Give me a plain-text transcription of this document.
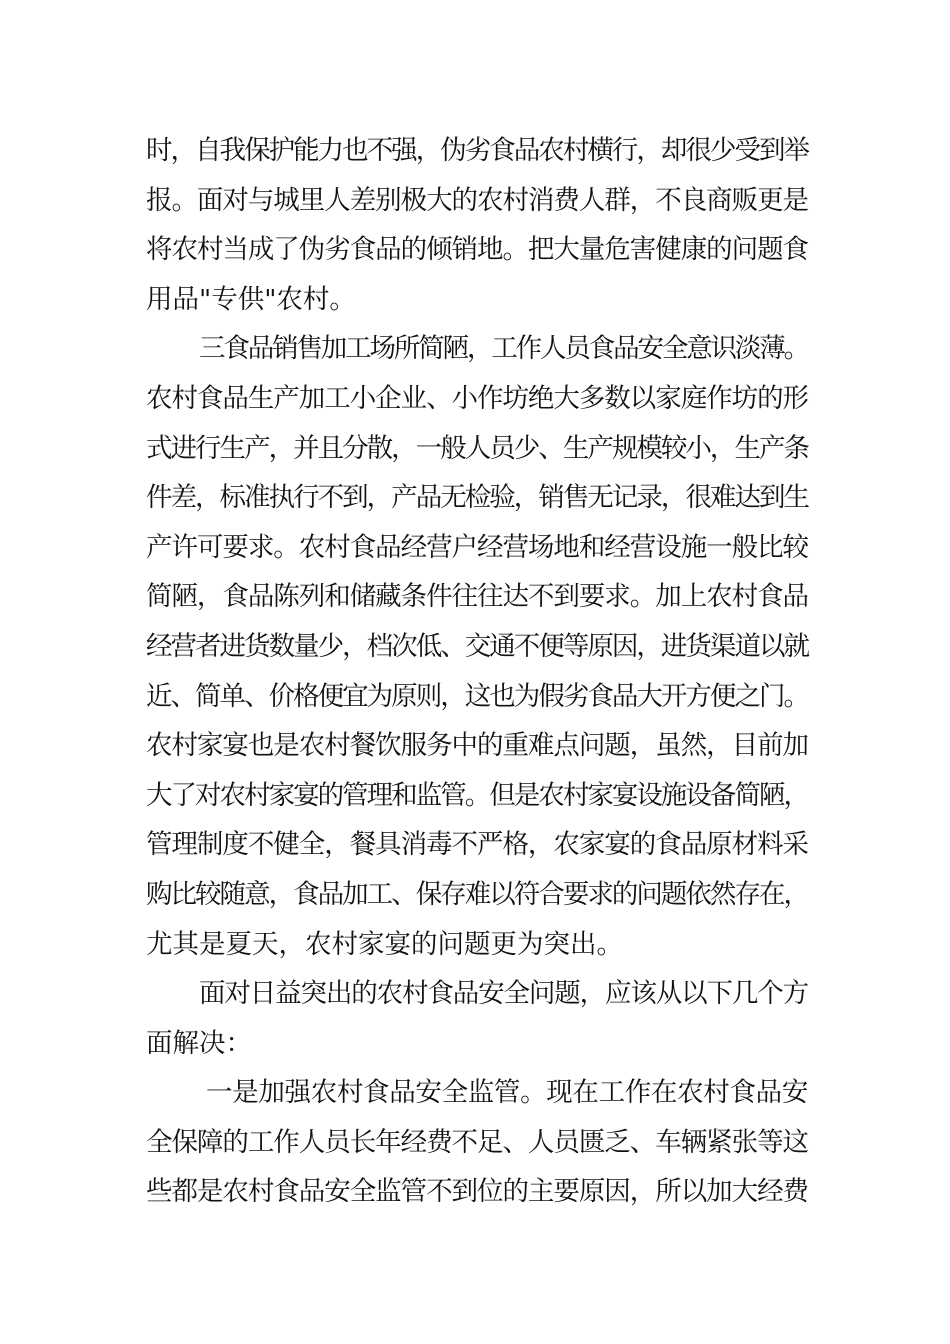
时，自我保护能力也不强，伪劣食品农村横行，却很少受到举
报。面对与城里人差别极大的农村消费人群，不良商贩更是
将农村当成了伪劣食品的倾销地。把大量危害健康的问题食
用品"专供"农村。
三食品销售加工场所简陋，工作人员食品安全意识淡薄。
农村食品生产加工小企业、小作坊绝大多数以家庭作坊的形
式进行生产，并且分散，一般人员少、生产规模较小，生产条
件差，标准执行不到，产品无检验，销售无记录，很难达到生
产许可要求。农村食品经营户经营场地和经营设施一般比较
简陋，食品陈列和储藏条件往往达不到要求。加上农村食品
经营者进货数量少，档次低、交通不便等原因，进货渠道以就
近、简单、价格便宜为原则，这也为假劣食品大开方便之门。
农村家宴也是农村餐饮服务中的重难点问题，虽然，目前加
大了对农村家宴的管理和监管。但是农村家宴设施设备简陋，
管理制度不健全，餐具消毒不严格，农家宴的食品原材料采
购比较随意，食品加工、保存难以符合要求的问题依然存在，
尤其是夏天，农村家宴的问题更为突出。
面对日益突出的农村食品安全问题，应该从以下几个方
面解决：
一是加强农村食品安全监管。现在工作在农村食品安
全保障的工作人员长年经费不足、人员匮乏、车辆紧张等这
些都是农村食品安全监管不到位的主要原因，所以加大经费
